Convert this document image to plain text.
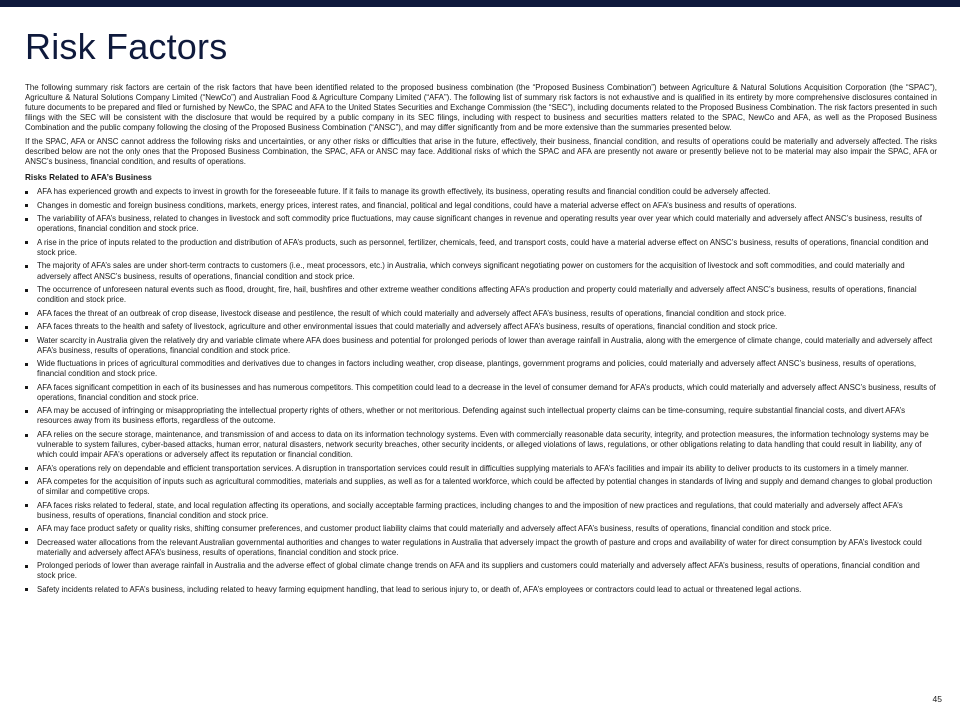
Risk Factors

The following summary risk factors are certain of the risk factors that have been identified related to the proposed business combination (the “Proposed Business Combination”) between Agriculture & Natural Solutions Acquisition Corporation (the “SPAC”), Agriculture & Natural Solutions Company Limited (“NewCo”) and Australian Food & Agriculture Company Limited (“AFA”). The following list of summary risk factors is not exhaustive and is qualified in its entirety by more comprehensive disclosures contained in future documents to be prepared and filed or furnished by NewCo, the SPAC and AFA to the United States Securities and Exchange Commission (the “SEC”), including documents related to the Proposed Business Combination. The risk factors presented in such filings with the SEC will be consistent with the disclosure that would be required by a public company in its SEC filings, including with respect to business and securities matters related to the SPAC, NewCo and AFA, as well as the Proposed Business Combination and the public company following the closing of the Proposed Business Combination (“ANSC”), and may differ significantly from and be more extensive than the summaries presented below.

If the SPAC, AFA or ANSC cannot address the following risks and uncertainties, or any other risks or difficulties that arise in the future, effectively, their business, financial condition, and results of operations could be materially and adversely affected. The risks described below are not the only ones that the Proposed Business Combination, the SPAC, AFA or ANSC may face. Additional risks of which the SPAC and AFA are presently not aware or presently believe not to be material may also impair the SPAC, AFA or ANSC’s business, financial condition, and results of operations.

Risks Related to AFA’s Business
AFA has experienced growth and expects to invest in growth for the foreseeable future. If it fails to manage its growth effectively, its business, operating results and financial condition could be adversely affected.
Changes in domestic and foreign business conditions, markets, energy prices, interest rates, and financial, political and legal conditions, could have a material adverse effect on AFA’s business and results of operations.
The variability of AFA’s business, related to changes in livestock and soft commodity price fluctuations, may cause significant changes in revenue and operating results year over year which could materially and adversely affect ANSC’s business, results of operations, financial condition and stock price.
A rise in the price of inputs related to the production and distribution of AFA’s products, such as personnel, fertilizer, chemicals, feed, and transport costs, could have a material adverse effect on ANSC’s business, results of operations, financial condition and stock price.
The majority of AFA’s sales are under short-term contracts to customers (i.e., meat processors, etc.) in Australia, which conveys significant negotiating power on customers for the acquisition of livestock and soft commodities, and could materially and adversely affect ANSC’s business, results of operations, financial condition and stock price.
The occurrence of unforeseen natural events such as flood, drought, fire, hail, bushfires and other extreme weather conditions affecting AFA’s production and property could materially and adversely affect ANSC’s business, results of operations, financial condition and stock price.
AFA faces the threat of an outbreak of crop disease, livestock disease and pestilence, the result of which could materially and adversely affect AFA’s business, results of operations, financial condition and stock price.
AFA faces threats to the health and safety of livestock, agriculture and other environmental issues that could materially and adversely affect AFA’s business, results of operations, financial condition and stock price.
Water scarcity in Australia given the relatively dry and variable climate where AFA does business and potential for prolonged periods of lower than average rainfall in Australia, along with the emergence of climate change, could materially and adversely affect AFA’s business, results of operations, financial condition and stock price.
Wide fluctuations in prices of agricultural commodities and derivatives due to changes in factors including weather, crop disease, plantings, government programs and policies, could materially and adversely affect ANSC’s business, results of operations, financial condition and stock price.
AFA faces significant competition in each of its businesses and has numerous competitors. This competition could lead to a decrease in the level of consumer demand for AFA’s products, which could materially and adversely affect ANSC’s business, results of operations, financial condition and stock price.
AFA may be accused of infringing or misappropriating the intellectual property rights of others, whether or not meritorious. Defending against such intellectual property claims can be time-consuming, require substantial financial costs, and divert AFA’s resources away from its business efforts, regardless of the outcome.
AFA relies on the secure storage, maintenance, and transmission of and access to data on its information technology systems. Even with commercially reasonable data security, integrity, and protection measures, the information technology systems may be vulnerable to system failures, cyber-based attacks, human error, natural disasters, network security breaches, other security incidents, or alleged violations of laws, regulations, or other obligations relating to data handling that could result in liability, any of which could impair AFA’s operations or adversely affect its reputation or financial condition.
AFA’s operations rely on dependable and efficient transportation services. A disruption in transportation services could result in difficulties supplying materials to AFA’s facilities and impair its ability to deliver products to its customers in a timely manner.
AFA competes for the acquisition of inputs such as agricultural commodities, materials and supplies, as well as for a talented workforce, which could be affected by potential changes in standards of living and supply and demand changes to global production of similar and competitive crops.
AFA faces risks related to federal, state, and local regulation affecting its operations, and socially acceptable farming practices, including changes to and the imposition of new practices and regulations, that could materially and adversely affect AFA’s business, results of operations, financial condition and stock price.
AFA may face product safety or quality risks, shifting consumer preferences, and customer product liability claims that could materially and adversely affect AFA’s business, results of operations, financial condition and stock price.
Decreased water allocations from the relevant Australian governmental authorities and changes to water regulations in Australia that adversely impact the growth of pasture and crops and availability of water for direct consumption by AFA’s livestock could materially and adversely affect AFA’s business, results of operations, financial condition and stock price.
Prolonged periods of lower than average rainfall in Australia and the adverse effect of global climate change trends on AFA and its suppliers and customers could materially and adversely affect AFA’s business, results of operations, financial condition and stock price.
Safety incidents related to AFA’s business, including related to heavy farming equipment handling, that lead to serious injury to, or death of, AFA’s employees or contractors could lead to actual or threatened legal actions.
45
